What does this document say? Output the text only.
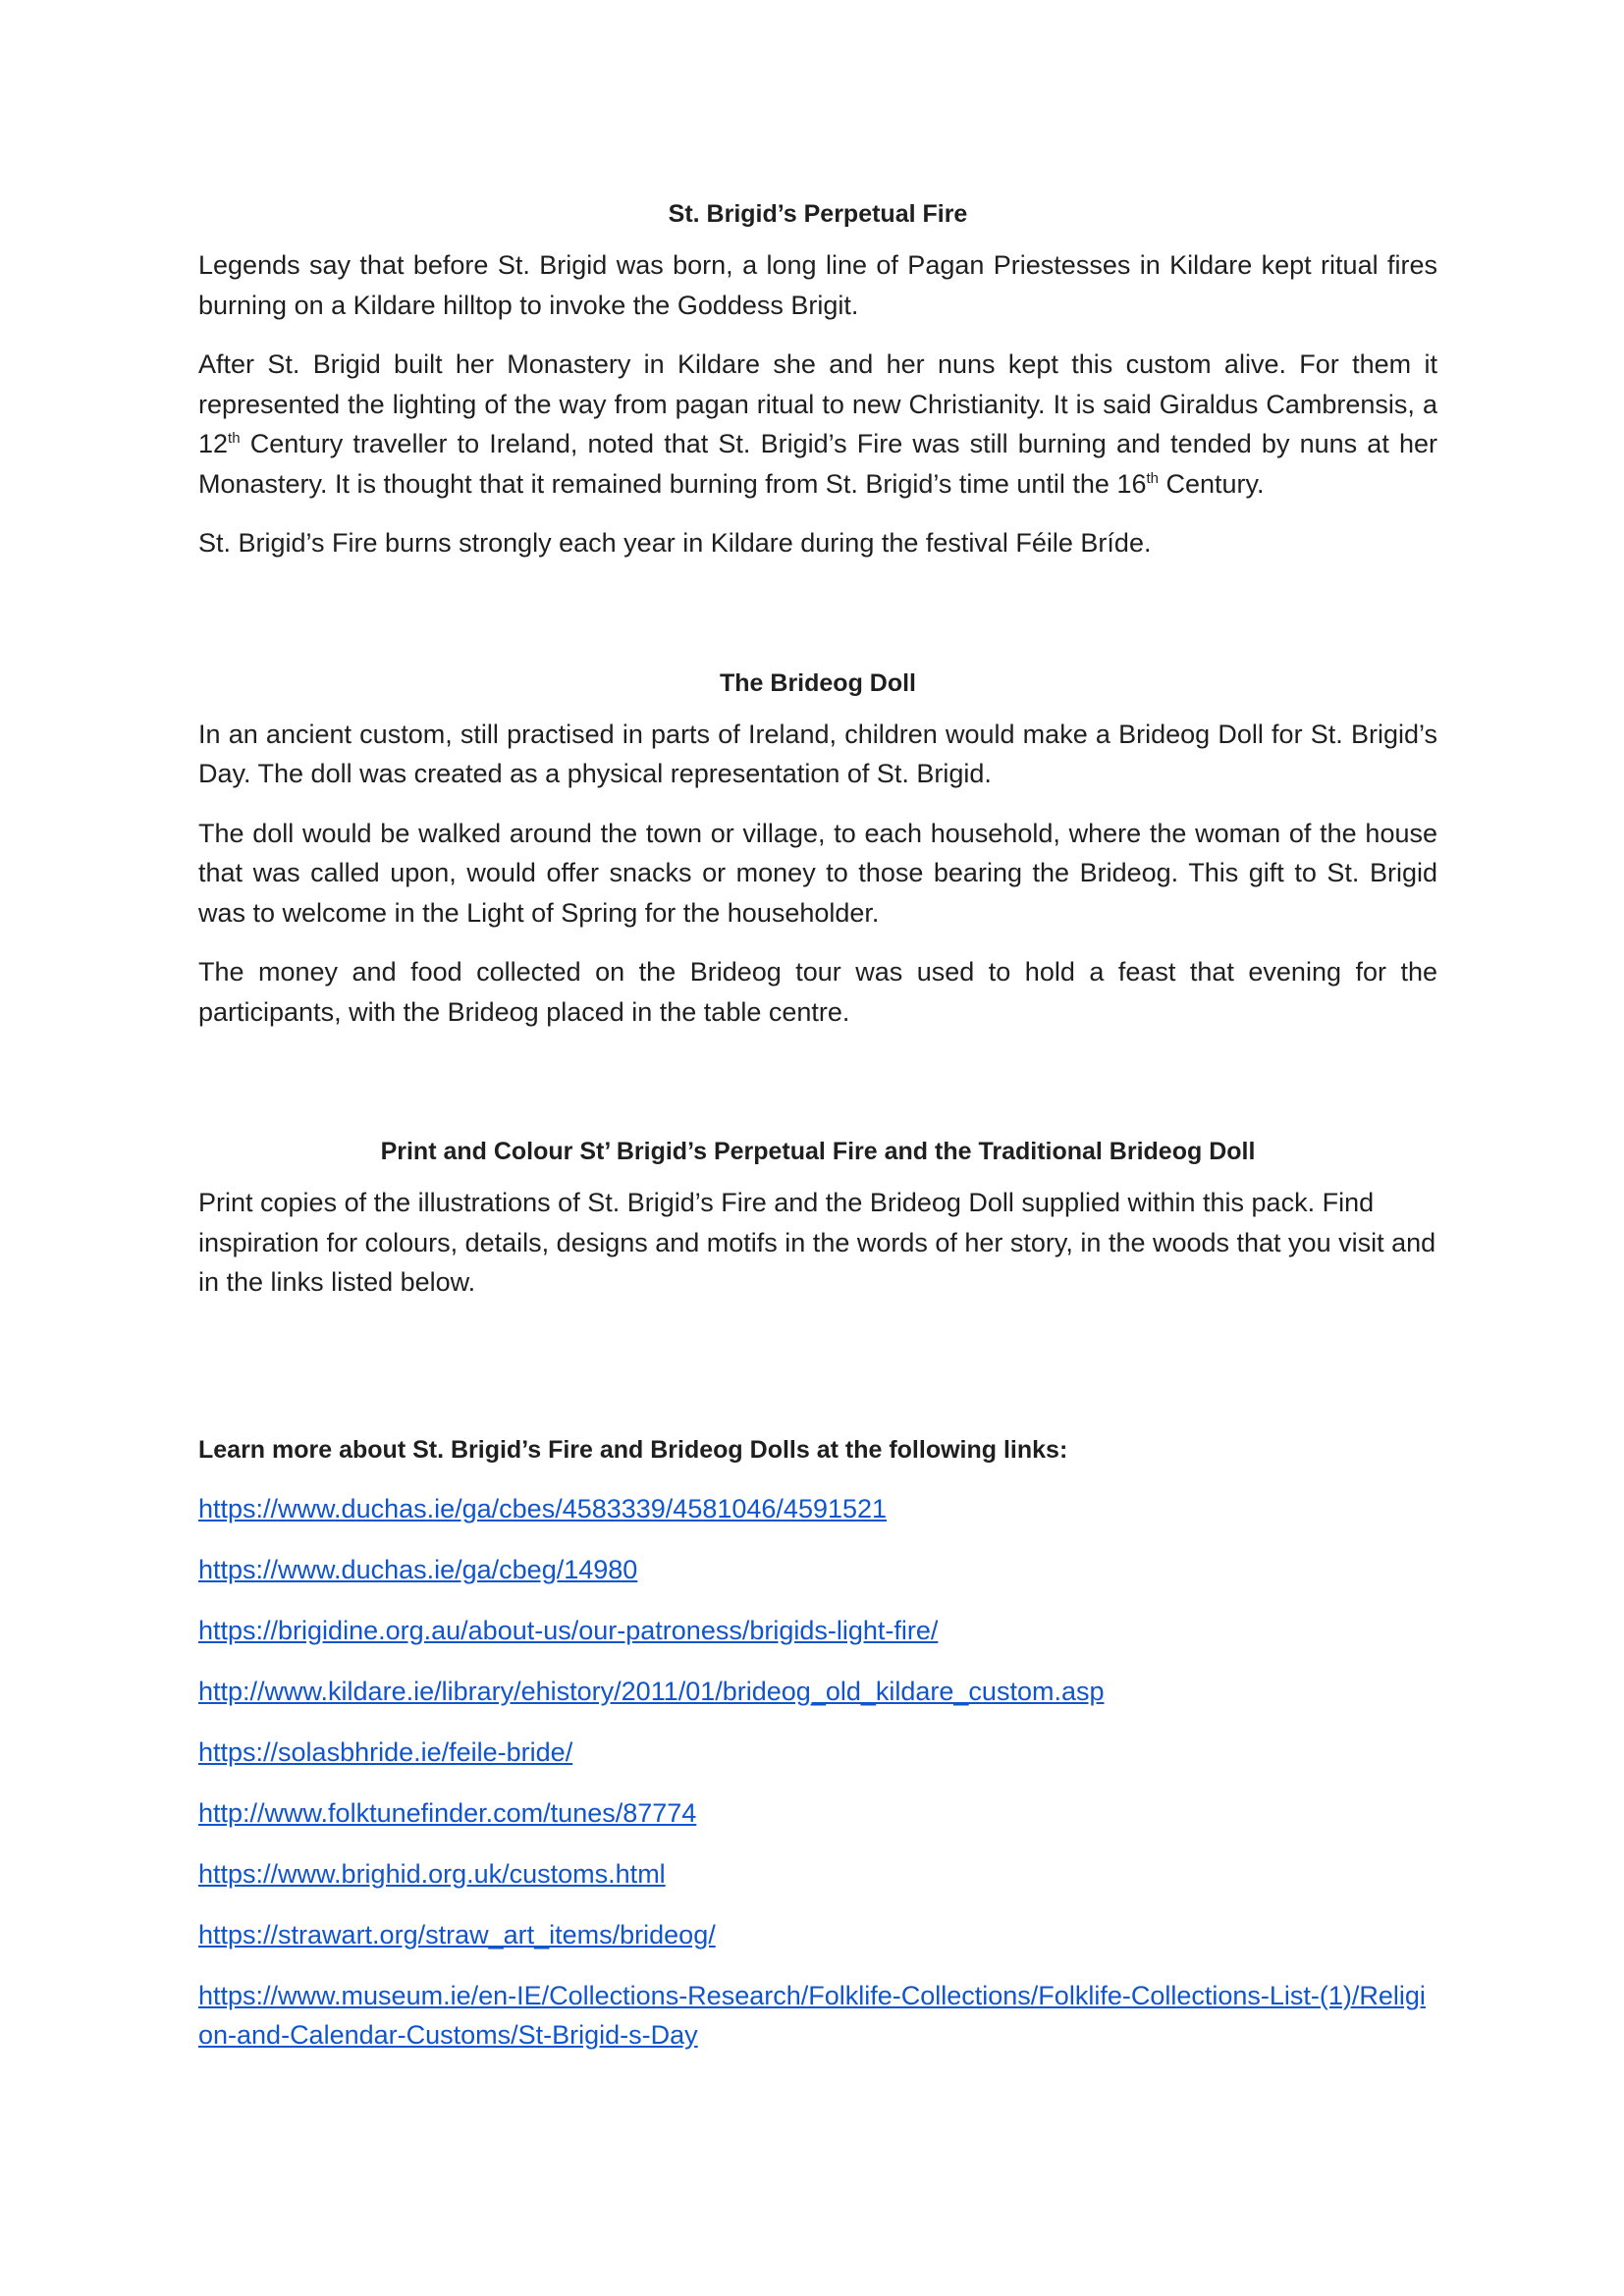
St. Brigid’s Perpetual Fire

Legends say that before St. Brigid was born, a long line of Pagan Priestesses in Kildare kept ritual fires burning on a Kildare hilltop to invoke the Goddess Brigit.

After St. Brigid built her Monastery in Kildare she and her nuns kept this custom alive. For them it represented the lighting of the way from pagan ritual to new Christianity. It is said Giraldus Cambrensis, a 12th Century traveller to Ireland, noted that St. Brigid’s Fire was still burning and tended by nuns at her Monastery. It is thought that it remained burning from St. Brigid’s time until the 16th Century.

St. Brigid’s Fire burns strongly each year in Kildare during the festival Féile Bríde.

The Brideog Doll

In an ancient custom, still practised in parts of Ireland, children would make a Brideog Doll for St. Brigid’s Day. The doll was created as a physical representation of St. Brigid.

The doll would be walked around the town or village, to each household, where the woman of the house that was called upon, would offer snacks or money to those bearing the Brideog. This gift to St. Brigid was to welcome in the Light of Spring for the householder.

The money and food collected on the Brideog tour was used to hold a feast that evening for the participants, with the Brideog placed in the table centre.

Print and Colour St’ Brigid’s Perpetual Fire and the Traditional Brideog Doll

Print copies of the illustrations of St. Brigid’s Fire and the Brideog Doll supplied within this pack. Find inspiration for colours, details, designs and motifs in the words of her story, in the woods that you visit and in the links listed below.

Learn more about St. Brigid’s Fire and Brideog Dolls at the following links:
https://www.duchas.ie/ga/cbes/4583339/4581046/4591521
https://www.duchas.ie/ga/cbeg/14980
https://brigidine.org.au/about-us/our-patroness/brigids-light-fire/
http://www.kildare.ie/library/ehistory/2011/01/brideog_old_kildare_custom.asp
https://solasbhride.ie/feile-bride/
http://www.folktunefinder.com/tunes/87774
https://www.brighid.org.uk/customs.html
https://strawart.org/straw_art_items/brideog/
https://www.museum.ie/en-IE/Collections-Research/Folklife-Collections/Folklife-Collections-List-(1)/Religion-and-Calendar-Customs/St-Brigid-s-Day
